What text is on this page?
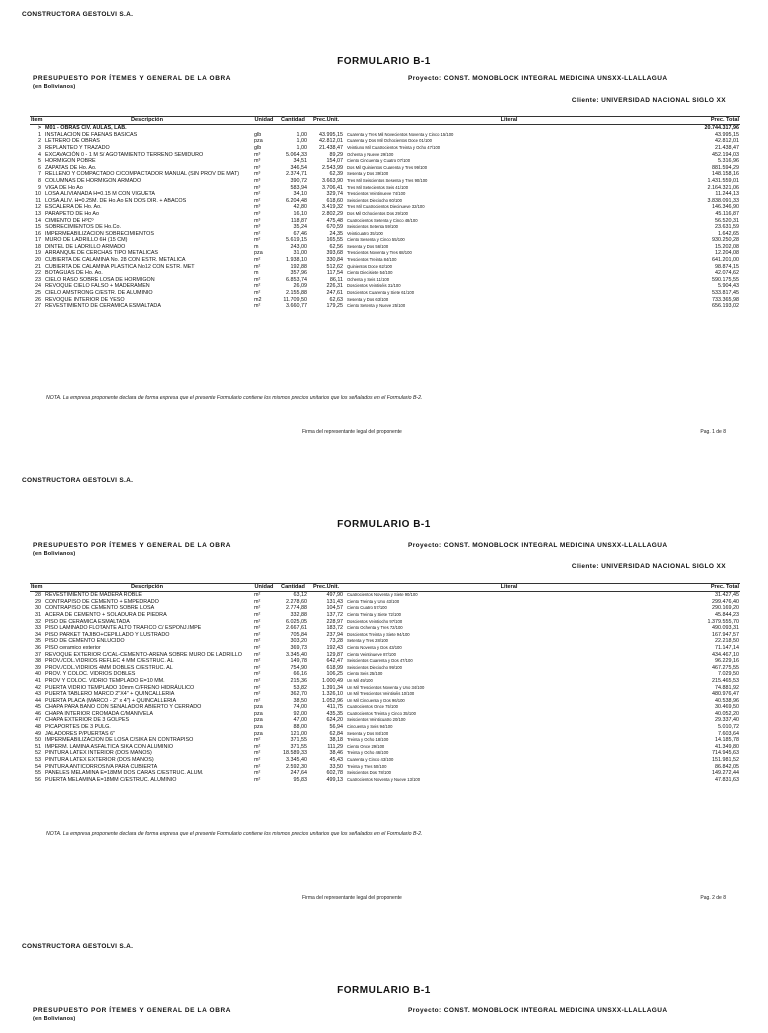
CONSTRUCTORA GESTOLVI S.A.
FORMULARIO B-1
PRESUPUESTO POR ÍTEMES Y GENERAL DE LA OBRA
(en Bolivianos)
Proyecto: CONST. MONOBLOCK INTEGRAL MEDICINA UNSXX-LLALLAGUA
Cliente: UNIVERSIDAD NACIONAL SIGLO XX
Item	Descripción	Unidad	Cantidad	Prec.Unit.	Literal	Prec. Total
>	M01 - OBRAS CIV. AULAS, LAB.					20.744.317,96
1	INSTALACIÓN DE FAENAS BÁSICAS	glb	1,00	43.995,15	Cuarenta y Tres Mil Novecientos Noventa y Cinco 15/100	43.995,15
2	LETRERO DE OBRAS	pza	1,00	42.812,01	Cuarenta y Dos Mil Ochocientos Doce 01/100	42.812,01
3	REPLANTEO Y TRAZADO	glb	1,00	21.438,47	Veintiuno Mil Cuatrocientos Treinta y Ocho 47/100	21.438,47
4	EXCAVACIÓN 0 - 1 M S/ AGOTAMIENTO TERRENO SEMIDURO	m³	5.064,33	89,29	Ochenta y Nueve 29/100	452.194,03
5	HORMIGÓN POBRE	m³	34,51	154,07	Ciento Cincuenta y Cuatro 07/100	5.316,96
6	ZAPATAS DE Ho. Ao.	m³	346,54	2.543,99	Dos Mil Quinientos Cuarenta y Tres 99/100	881.594,29
7	RELLENO Y COMPACTADO C/COMPACTADOR MANUAL (SIN PROV DE MAT)	m³	2.374,71	62,39	Sesenta y Dos 39/100	148.158,16
8	COLUMNAS DE HORMIGON ARMADO	m³	390,72	3.663,90	Tres Mil Seiscientos Sesenta y Tres 90/100	1.431.559,01
9	VIGA DE Ho Ao	m³	583,94	3.706,41	Tres Mil Setecientos Seis 41/100	2.164.321,06
10	LOSA ALIVIANADA H=0.15 M CON VIGUETA	m²	34,10	329,74	Trescientos Veintinueve 74/100	11.244,13
11	LOSA ALIV. H=0.25M. DE Ho.Ao EN DOS DIR. + ABACOS	m²	6.204,48	618,60	Seiscientos Dieciocho 60/100	3.838.091,33
12	ESCALERA DE Ho. Ao.	m³	42,80	3.419,32	Tres Mil Cuatrocientos Diecinueve 32/100	146.346,90
13	PARAPETO DE Ho Ao	m³	16,10	2.802,29	Dos Mil Ochocientos Dos 29/100	45.116,87
14	CIMIENTO DE HºCº	m³	118,87	475,48	Cuatrocientos Setenta y Cinco 48/100	56.520,31
15	SOBRECIMIENTOS DE Ho.Co.	m³	35,24	670,59	Seiscientos Setenta 59/100	23.631,59
16	IMPERMEABILIZACION SOBRECIMIENTOS	m²	67,46	24,35	Veinticuatro 35/100	1.642,65
17	MURO DE LADRILLO 6H (15 CM)	m²	5.619,15	165,55	Ciento Sesenta y Cinco 55/100	930.250,28
18	DINTEL DE LADRILLO ARMADO	m	243,00	62,56	Sesenta y Dos 56/100	15.202,08
19	ARRANQUE DE CERCHAS TIPO METALICAS	pza	31,00	393,68	Trescientos Noventa y Tres 68/100	12.204,08
20	CUBIERTA DE CALAMINA No. 28 CON ESTR. METALICA	m²	1.938,10	330,84	Trescientos Treinta 84/100	641.201,00
21	CUBIERTA DE CALAMINA PLASTICA No12 CON ESTR. MET	m²	192,88	512,62	Quinientos Doce 62/100	98.874,15
22	BOTAGUAS DE Ho. Ao.	m	357,96	117,54	Ciento Diecisiete 54/100	42.074,62
23	CIELO RASO SOBRE LOSA DE HORMIGÓN	m²	6.853,74	86,11	Ochenta y Seis 11/100	590.175,55
24	REVOQUE CIELO FALSO + MADERAMEN	m²	26,09	226,31	Doscientos Veintiséis 31/100	5.904,43
25	CIELO AMSTRONG C/ESTR. DE ALUMINIO	m²	2.155,88	247,61	Doscientos Cuarenta y Siete 61/100	533.817,45
26	REVOQUE INTERIOR DE YESO	m2	11.709,50	62,63	Sesenta y Dos 63/100	733.365,98
27	REVESTIMIENTO DE CERAMICA ESMALTADA	m²	3.660,77	179,25	Ciento Setenta y Nueve 25/100	656.193,02
NOTA. La empresa proponente declara de forma expresa que el presente Formulario contiene los mismos precios unitarios que los señalados en el Formulario B-2.
Firma del representante legal del proponente	Pag. 1 de 8
CONSTRUCTORA GESTOLVI S.A.
FORMULARIO B-1
PRESUPUESTO POR ÍTEMES Y GENERAL DE LA OBRA
(en Bolivianos)
Proyecto: CONST. MONOBLOCK INTEGRAL MEDICINA UNSXX-LLALLAGUA
Cliente: UNIVERSIDAD NACIONAL SIGLO XX
Item	Descripción	Unidad	Cantidad	Prec.Unit.	Literal	Prec. Total
28	REVESTIMIENTO DE MADERA ROBLE	m²	63,12	497,90	Cuatrocientos Noventa y Siete 90/100	31.427,45
29	CONTRAPISO DE CEMENTO + EMPEDRADO	m²	2.278,60	131,43	Ciento Treinta y Uno 43/100	299.476,40
30	CONTRAPISO DE CEMENTO SOBRE LOSA	m²	2.774,88	104,57	Ciento Cuatro 57/100	290.169,20
31	ACERA DE CEMENTO + SOLADURA DE PIEDRA	m²	332,88	137,72	Ciento Treinta y Siete 72/100	45.844,23
32	PISO DE CERAMICA ESMALTADA	m²	6.025,05	228,97	Doscientos Veintiocho 97/100	1.379.555,70
33	PISO LAMINADO FLOTANTE ALTO TRAFICO C/ ESPONJ.IMPE	m²	2.667,61	183,72	Ciento Ochenta y Tres 72/100	490.093,31
34	PISO PARKET TAJIBO+CEPILLADO Y LUSTRADO	m²	705,84	237,94	Doscientos Treinta y Siete 94/100	167.947,57
35	PISO DE CEMENTO ENLUCIDO	m²	303,20	73,28	Setenta y Tres 28/100	22.218,50
36	PISO ceramico exterior	m²	369,73	192,43	Ciento Noventa y Dos 43/100	71.147,14
37	REVOQUE EXTERIOR C/CAL-CEMENTO-ARENA SOBRE MURO DE LADRILLO	m²	3.345,40	129,87	Ciento Veintinueve 87/100	434.467,10
38	PROV./COL.VIDRIOS REFLEC 4 MM C/ESTRUC. AL	m²	149,78	642,47	Seiscientos Cuarenta y Dos 47/100	96.229,16
39	PROV./COL.VIDRIOS 4MM DOBLES C/ESTRUC. AL	m²	754,90	618,99	Seiscientos Dieciocho 99/100	467.275,55
40	PROV. Y COLOC. VIDRIOS DOBLES	m²	66,16	106,25	Ciento Seis 25/100	7.029,50
41	PROV Y COLOC. VIDRIO TEMPLADO E=10 MM.	m²	215,36	1.000,49	Un Mil 49/100	215.465,53
42	PUERTA VIDRIO TEMPLADO 10mm C/FRENO HIDRÁULICO	m²	53,82	1.391,34	Un Mil Trescientos Noventa y Uno 34/100	74.881,92
43	PUERTA TABLERO MARCO 2"X4" + QUINCALLERIA	m²	362,70	1.326,10	Un Mil Trescientos Veintiséis 10/100	480.976,47
44	PUERTA PLACA (MARCO - 2" x 4") + QUINCALLERIA	m²	38,50	1.052,96	Un Mil Cincuenta y Dos 96/100	40.538,96
45	CHAPA PARA BAÑO CON SEÑALADOR ABIERTO Y CERRADO	pza	74,00	411,75	Cuatrocientos Once 75/100	30.469,50
46	CHAPA INTERIOR CROMADA C/MANIVELA	pza	92,00	435,35	Cuatrocientos Treinta y Cinco 35/100	40.052,20
47	CHAPA EXTERIOR DE 3 GOLPES	pza	47,00	624,20	Seiscientos Veinticuatro 20/100	29.337,40
48	PICAPORTES DE 3 PULG.	pza	88,00	56,94	Cincuenta y Seis 94/100	5.010,72
49	JALADORES P/PUERTAS 6"	pza	121,00	62,84	Sesenta y Dos 84/100	7.603,64
50	IMPERMEABILIZACION DE LOSA C/SIKA EN CONTRAPISO	m²	371,55	38,18	Treinta y Ocho 18/100	14.185,78
51	IMPERM. LAMINA ASFALTICA SIKA CON ALUMINIO	m²	371,55	111,29	Ciento Once 29/100	41.349,80
52	PINTURA LATEX INTERIOR (DOS MANOS)	m²	18.589,33	38,46	Treinta y Ocho 46/100	714.945,63
53	PINTURA LATEX EXTERIOR (DOS MANOS)	m²	3.345,40	45,43	Cuarenta y Cinco 43/100	151.981,52
54	PINTURA ANTICORROSIVA PARA CUBIERTA	m²	2.592,30	33,50	Treinta y Tres 50/100	86.842,05
55	PANELES MELAMINA E=18MM DOS CARAS C/ESTRUC. ALUM.	m²	247,64	602,78	Seiscientos Dos 78/100	149.272,44
56	PUERTA MELAMINA E=18MM C/ESTRUC. ALUMINIO	m²	95,83	499,13	Cuatrocientos Noventa y Nueve 13/100	47.831,63
NOTA. La empresa proponente declara de forma expresa que el presente Formulario contiene los mismos precios unitarios que los señalados en el Formulario B-2.
Firma del representante legal del proponente	Pag. 2 de 8
CONSTRUCTORA GESTOLVI S.A.
FORMULARIO B-1
PRESUPUESTO POR ÍTEMES Y GENERAL DE LA OBRA
(en Bolivianos)
Proyecto: CONST. MONOBLOCK INTEGRAL MEDICINA UNSXX-LLALLAGUA
